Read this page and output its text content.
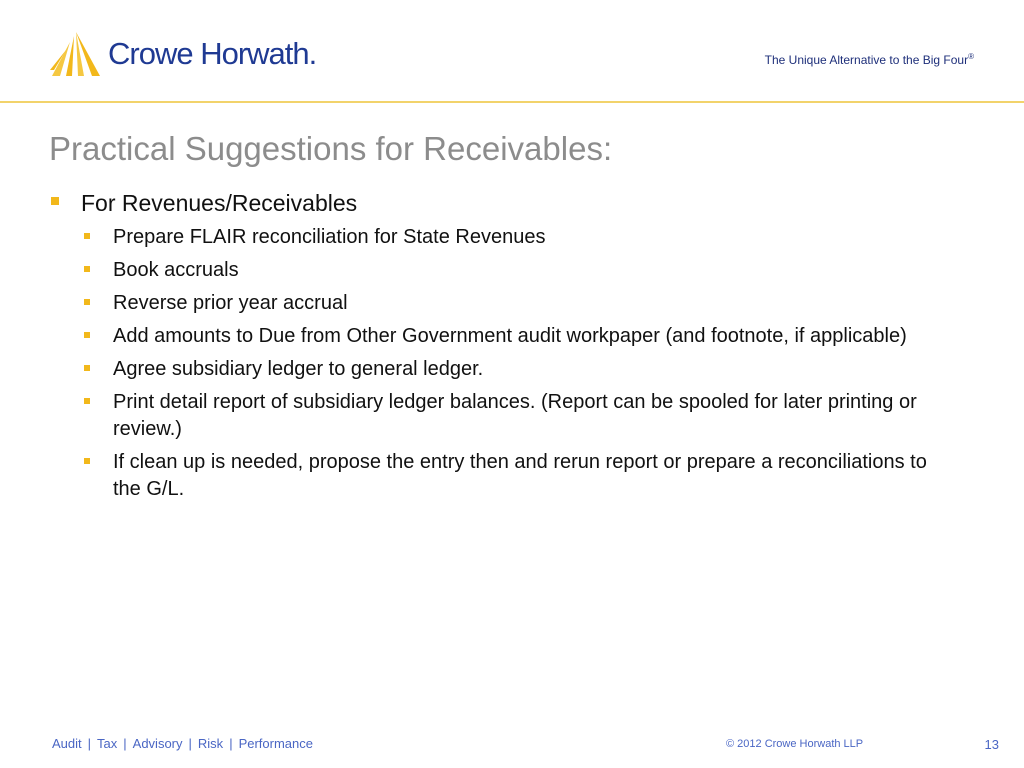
Crowe Horwath.	The Unique Alternative to the Big Four®
Practical Suggestions for Receivables:
For Revenues/Receivables
Prepare FLAIR reconciliation for State Revenues
Book accruals
Reverse prior year accrual
Add amounts to Due from Other Government audit workpaper (and footnote, if applicable)
Agree subsidiary ledger to general ledger.
Print detail report of subsidiary ledger balances. (Report can be spooled for later printing or review.)
If clean up is needed, propose the entry then and rerun report or prepare a reconciliations to the G/L.
Audit | Tax | Advisory | Risk | Performance	© 2012 Crowe Horwath LLP	13
